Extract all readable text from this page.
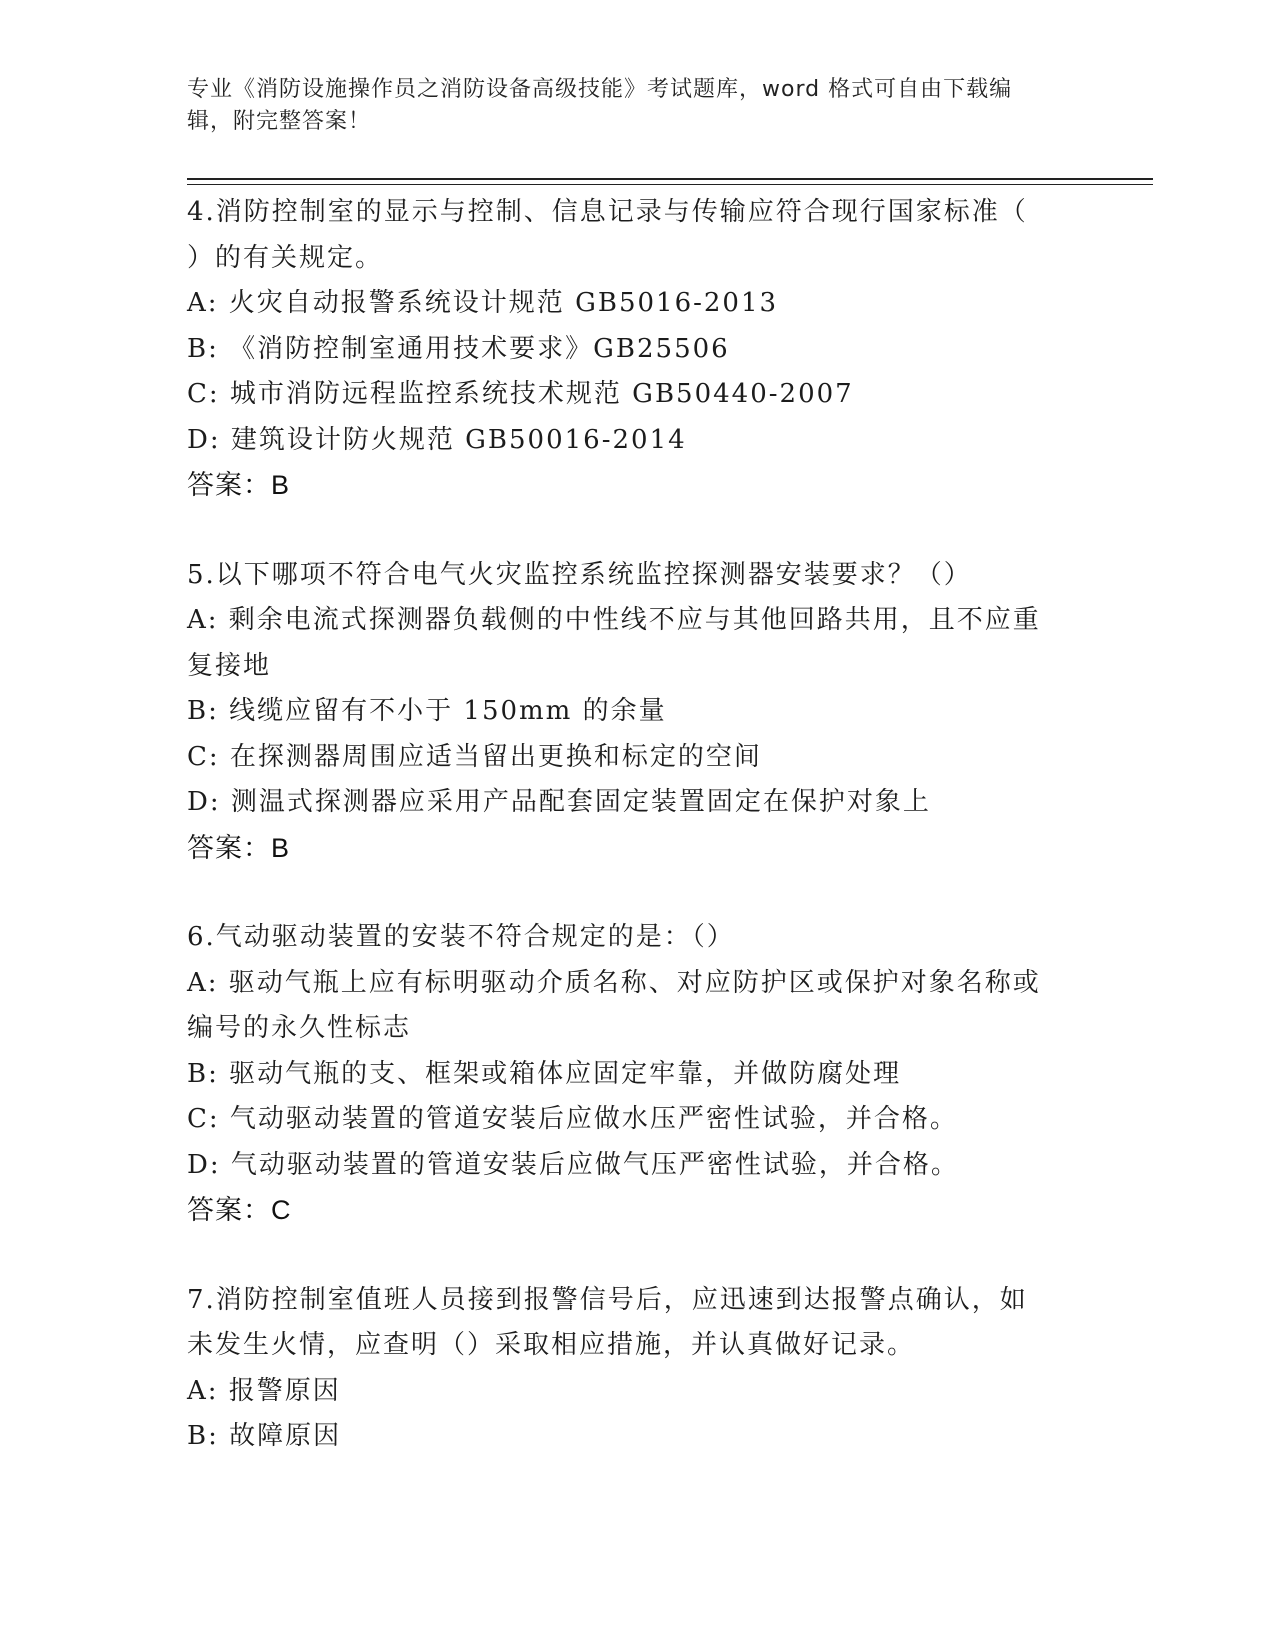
专业《消防设施操作员之消防设备高级技能》考试题库，word 格式可自由下载编
辑，附完整答案！
4.消防控制室的显示与控制、信息记录与传输应符合现行国家标准（
）的有关规定。
A: 火灾自动报警系统设计规范 GB5016-2013
B: 《消防控制室通用技术要求》GB25506
C: 城市消防远程监控系统技术规范 GB50440-2007
D: 建筑设计防火规范 GB50016-2014
答案：B
5.以下哪项不符合电气火灾监控系统监控探测器安装要求？（）
A: 剩余电流式探测器负载侧的中性线不应与其他回路共用，且不应重
复接地
B: 线缆应留有不小于 150mm 的余量
C: 在探测器周围应适当留出更换和标定的空间
D: 测温式探测器应采用产品配套固定装置固定在保护对象上
答案：B
6.气动驱动装置的安装不符合规定的是：（）
A: 驱动气瓶上应有标明驱动介质名称、对应防护区或保护对象名称或
编号的永久性标志
B: 驱动气瓶的支、框架或箱体应固定牢靠，并做防腐处理
C: 气动驱动装置的管道安装后应做水压严密性试验，并合格。
D: 气动驱动装置的管道安装后应做气压严密性试验，并合格。
答案：C
7.消防控制室值班人员接到报警信号后，应迅速到达报警点确认，如
未发生火情，应查明（）采取相应措施，并认真做好记录。
A: 报警原因
B: 故障原因
